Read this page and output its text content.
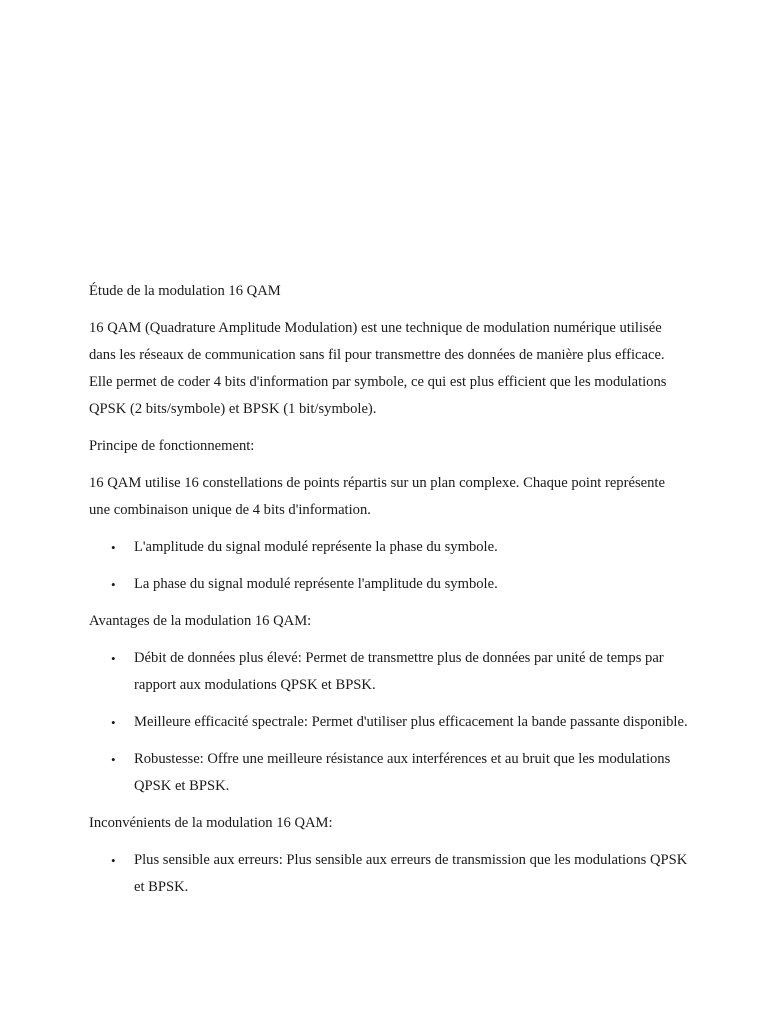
Étude de la modulation 16 QAM

16 QAM (Quadrature Amplitude Modulation) est une technique de modulation numérique utilisée dans les réseaux de communication sans fil pour transmettre des données de manière plus efficace. Elle permet de coder 4 bits d'information par symbole, ce qui est plus efficient que les modulations QPSK (2 bits/symbole) et BPSK (1 bit/symbole).

Principe de fonctionnement:

16 QAM utilise 16 constellations de points répartis sur un plan complexe. Chaque point représente une combinaison unique de 4 bits d'information.

• L'amplitude du signal modulé représente la phase du symbole.
• La phase du signal modulé représente l'amplitude du symbole.

Avantages de la modulation 16 QAM:

• Débit de données plus élevé: Permet de transmettre plus de données par unité de temps par rapport aux modulations QPSK et BPSK.
• Meilleure efficacité spectrale: Permet d'utiliser plus efficacement la bande passante disponible.
• Robustesse: Offre une meilleure résistance aux interférences et au bruit que les modulations QPSK et BPSK.

Inconvénients de la modulation 16 QAM:

• Plus sensible aux erreurs: Plus sensible aux erreurs de transmission que les modulations QPSK et BPSK.
